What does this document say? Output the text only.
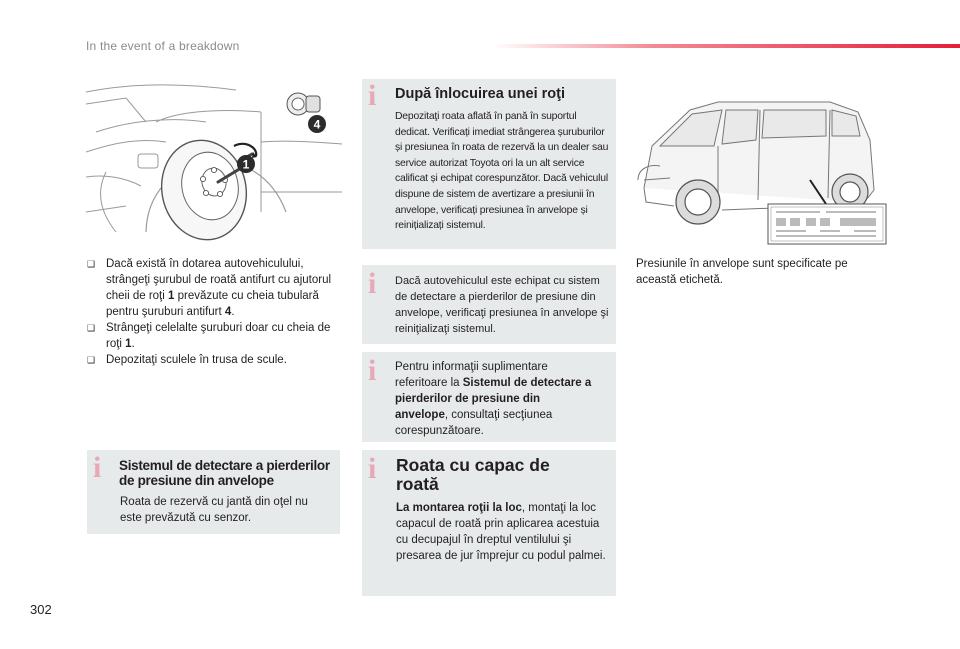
In the event of a breakdown
1
4
❑ Dacă există în dotarea autovehiculului, strângeţi şurubul de roată antifurt cu ajutorul cheii de roţi 1 prevăzute cu cheia tubulară pentru şuruburi antifurt 4.
❑ Strângeţi celelalte şuruburi doar cu cheia de roţi 1.
❑ Depozitaţi sculele în trusa de scule.
i Sistemul de detectare a pierderilor de presiune din anvelope
Roata de rezervă cu jantă din oţel nu este prevăzută cu senzor.
i După înlocuirea unei roţi
Depozitaţi roata aflată în pană în suportul dedicat. Verificați imediat strângerea șuruburilor și presiunea în roata de rezervă la un dealer sau service autorizat Toyota ori la un alt service calificat și echipat corespunzător. Dacă vehiculul dispune de sistem de avertizare a presiunii în anvelope, verificați presiunea în anvelope și reinițializați sistemul.
i Dacă autovehiculul este echipat cu sistem de detectare a pierderilor de presiune din anvelope, verificaţi presiunea în anvelope şi reiniţializaţi sistemul.
i Pentru informaţii suplimentare referitoare la Sistemul de detectare a pierderilor de presiune din anvelope, consultaţi secţiunea corespunzătoare.
i Roata cu capac de roată
La montarea roţii la loc, montaţi la loc capacul de roată prin aplicarea acestuia cu decupajul în dreptul ventilului şi presarea de jur împrejur cu podul palmei.
Presiunile în anvelope sunt specificate pe această etichetă.
302
